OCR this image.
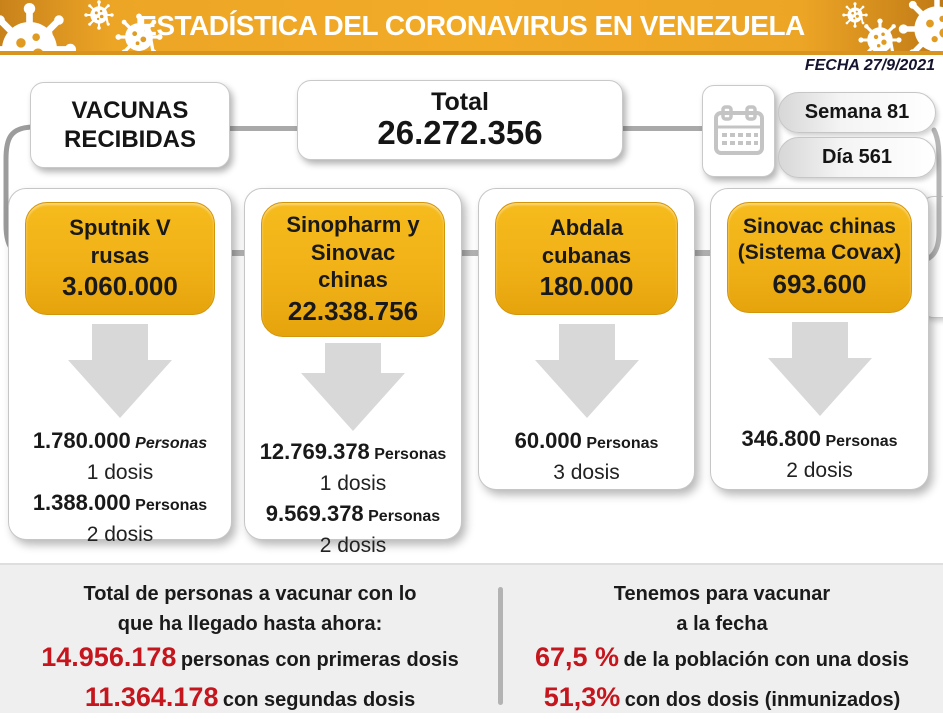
ESTADÍSTICA DEL CORONAVIRUS EN VENEZUELA
FECHA 27/9/2021
VACUNAS
RECIBIDAS
Total
26.272.356
Semana 81
Día 561
Sputnik V
rusas
3.060.000
1.780.000 Personas
1 dosis
1.388.000 Personas
2 dosis
Sinopharm y
Sinovac
chinas
22.338.756
12.769.378 Personas
1 dosis
9.569.378 Personas
2 dosis
Abdala
cubanas
180.000
60.000 Personas
3 dosis
Sinovac chinas
(Sistema Covax)
693.600
346.800 Personas
2 dosis
Total de personas a vacunar con lo
que ha llegado hasta ahora:
14.956.178 personas con primeras dosis
11.364.178 con segundas dosis
Tenemos para vacunar
a la fecha
67,5 % de la población con una dosis
51,3% con dos dosis (inmunizados)
